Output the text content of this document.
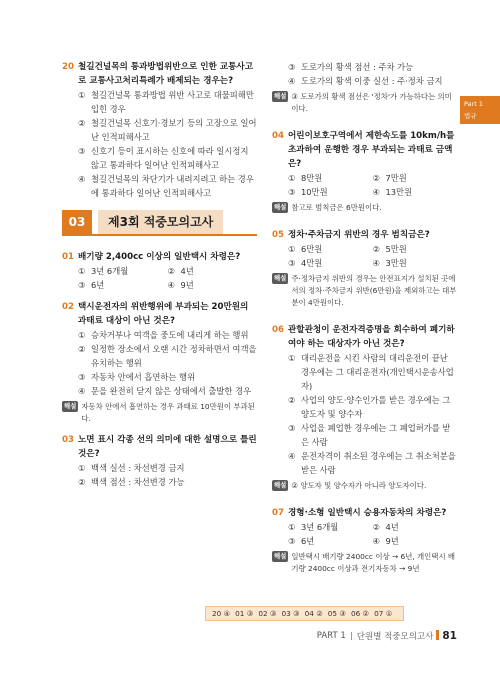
Part 1
법규
20 철길건널목의 통과방법위반으로 인한 교통사고로 교통사고처리특례가 배제되는 경우는?
① 철길건널목 통과방법 위반 사고로 대물피해만 입힌 경우
② 철길건널목 신호기·경보기 등의 고장으로 일어난 인적피해사고
③ 신호기 등이 표시하는 신호에 따라 일시정지 않고 통과하다 일어난 인적피해사고
④ 철길건널목의 차단기가 내려지려고 하는 경우에 통과하다 일어난 인적피해사고
03	제3회 적중모의고사
01 배기량 2,400cc 이상의 일반택시 차령은?
① 3년 6개월	② 4년
③ 6년	④ 9년
02 택시운전자의 위반행위에 부과되는 20만원의 과태료 대상이 아닌 것은?
① 승차거부나 여객을 중도에 내리게 하는 행위
② 일정한 장소에서 오랜 시간 정차하면서 여객을 유치하는 행위
③ 자동차 안에서 흡연하는 행위
④ 문을 완전히 닫지 않은 상태에서 출발한 경우
해설 자동차 안에서 흡연하는 경우 과태료 10만원이 부과된다.
03 노면 표시 각종 선의 의미에 대한 설명으로 틀린 것은?
① 백색 실선 : 차선변경 금지
② 백색 점선 : 차선변경 가능
③ 도로가의 황색 점선 : 주차 가능
④ 도로가의 황색 이중 실선 : 주·정차 금지
해설 ③ 도로가의 황색 점선은 '정차'가 가능하다는 의미이다.
04 어린이보호구역에서 제한속도를 10km/h를 초과하여 운행한 경우 부과되는 과태료 금액은?
① 8만원	② 7만원
③ 10만원	④ 13만원
해설 참고로 범칙금은 6만원이다.
05 정차·주차금지 위반의 경우 범칙금은?
① 6만원	② 5만원
③ 4만원	④ 3만원
해설 주·정차금지 위반의 경우는 안전표지가 설치된 곳에서의 정차·주차금지 위반(6만원)을 제외하고는 대부분이 4만원이다.
06 관할관청이 운전자격증명을 회수하여 폐기하여야 하는 대상자가 아닌 것은?
① 대리운전을 시킨 사람의 대리운전이 끝난 경우에는 그 대리운전자(개인택시운송사업자)
② 사업의 양도·양수인가를 받은 경우에는 그 양도자 및 양수자
③ 사업을 폐업한 경우에는 그 폐업허가를 받은 사람
④ 운전자격이 취소된 경우에는 그 취소처분을 받은 사람
해설 ② 양도자 및 양수자가 아니라 양도자이다.
07 경형·소형 일반택시 승용자동차의 차령은?
① 3년 6개월	② 4년
③ 6년	④ 9년
해설 일반택시 배기량 2400cc 이상 → 6년, 개인택시 배기량 2400cc 이상과 전기자동차 → 9년
20 ④ 01 ③ 02 ③ 03 ③ 04 ② 05 ③ 06 ② 07 ①
PART 1 단원별 적중모의고사 81
